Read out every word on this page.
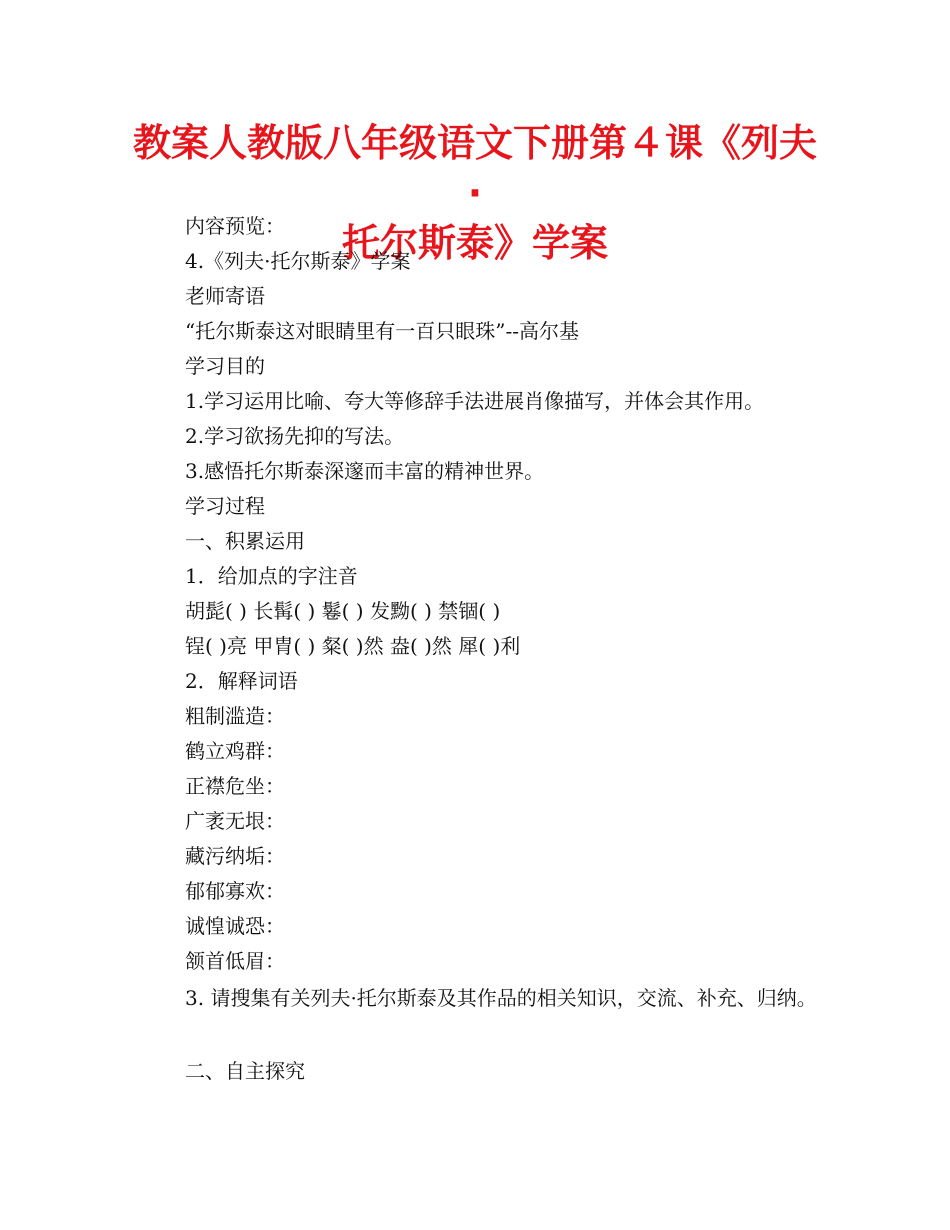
教案人教版八年级语文下册第４课《列夫·
托尔斯泰》学案
内容预览：
4.《列夫·托尔斯泰》学案
老师寄语
“托尔斯泰这对眼睛里有一百只眼珠”--高尔基
学习目的
1.学习运用比喻、夸大等修辞手法进展肖像描写，并体会其作用。
2.学习欲扬先抑的写法。
3.感悟托尔斯泰深邃而丰富的精神世界。
学习过程
一、积累运用
1．给加点的字注音
胡髭( ) 长髯( ) 鬈( ) 发黝( ) 禁锢( )
锃( )亮 甲胄( ) 粲( )然 盎( )然 犀( )利
2．解释词语
粗制滥造：
鹤立鸡群：
正襟危坐：
广袤无垠：
藏污纳垢：
郁郁寡欢：
诚惶诚恐：
颔首低眉：
3. 请搜集有关列夫·托尔斯泰及其作品的相关知识，交流、补充、归纳。
二、自主探究
